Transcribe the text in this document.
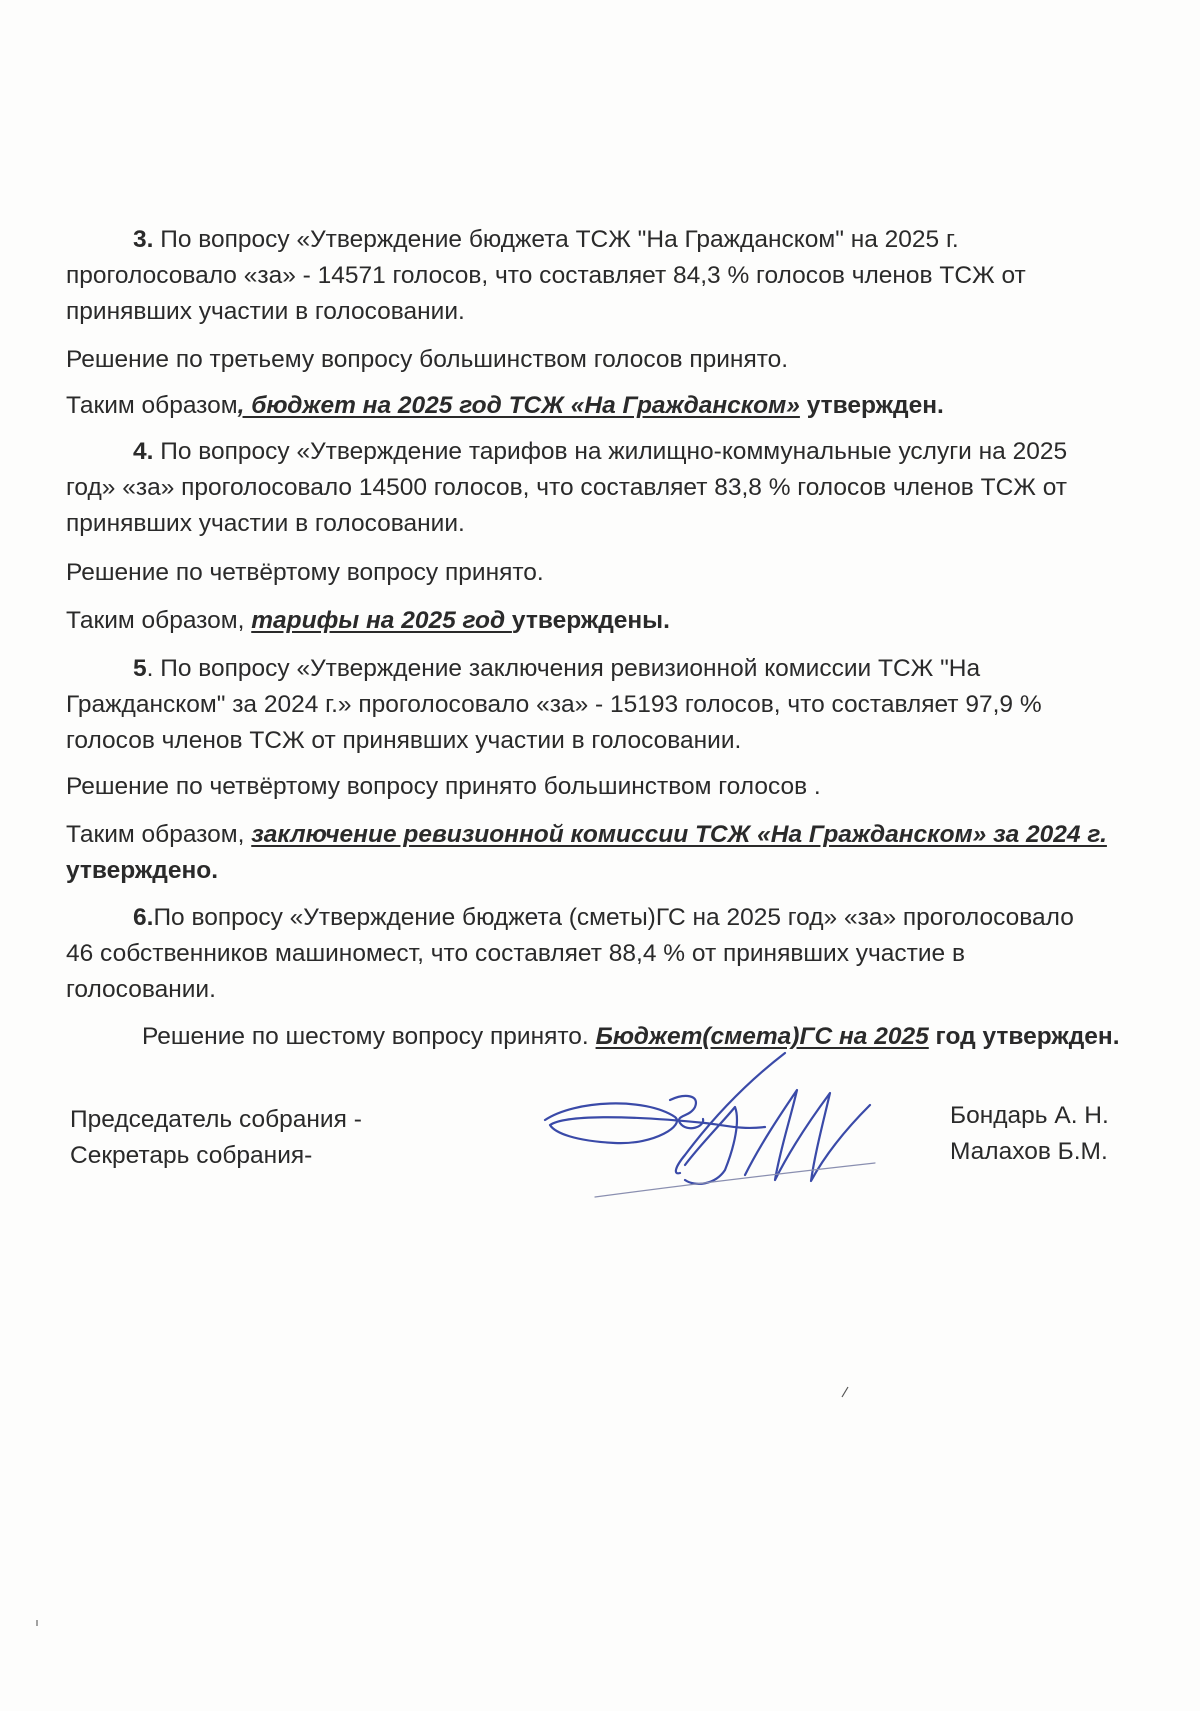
3. По вопросу «Утверждение бюджета ТСЖ "На Гражданском" на 2025 г.
проголосовало «за» - 14571 голосов, что составляет 84,3 % голосов членов ТСЖ от
принявших участии в голосовании.

Решение по третьему вопросу большинством голосов принято.

Таким образом, бюджет на 2025 год ТСЖ «На Гражданском» утвержден.

4. По вопросу «Утверждение тарифов на жилищно-коммунальные услуги на 2025
год» «за» проголосовало 14500 голосов, что составляет 83,8 % голосов членов ТСЖ от
принявших участии в голосовании.

Решение по четвёртому вопросу принято.

Таким образом, тарифы на 2025 год утверждены.

5. По вопросу «Утверждение заключения ревизионной комиссии ТСЖ "На
Гражданском" за 2024 г.» проголосовало «за» - 15193 голосов, что составляет 97,9 %
голосов членов ТСЖ от принявших участии в голосовании.

Решение по четвёртому вопросу принято большинством голосов .

Таким образом, заключение ревизионной комиссии ТСЖ «На Гражданском» за 2024 г.
утверждено.

6.По вопросу «Утверждение бюджета (сметы)ГС на 2025 год» «за» проголосовало
46 собственников машиномест, что составляет 88,4 % от принявших участие в
голосовании.

Решение по шестому вопросу принято. Бюджет(смета)ГС на 2025 год утвержден.

Председатель собрания -
Секретарь собрания-
Бондарь А. Н.
Малахов Б.М.
